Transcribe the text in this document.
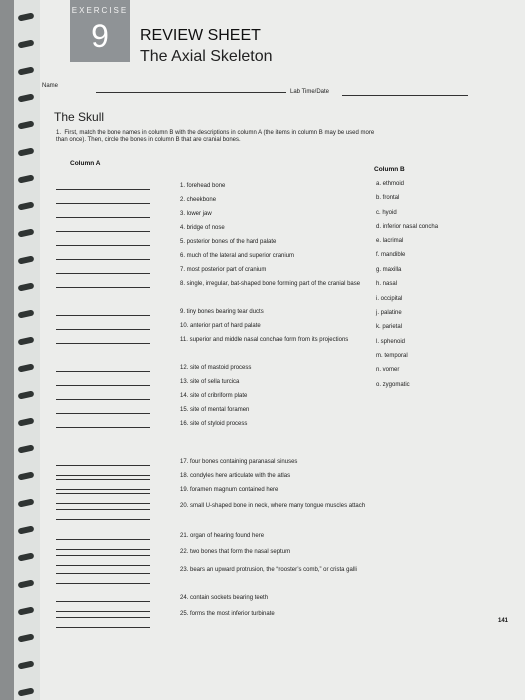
EXERCISE
9	REVIEW SHEET
The Axial Skeleton
Name
Lab Time/Date
The Skull
1. First, match the bone names in column B with the descriptions in column A (the items in column B may be used more
than once). Then, circle the bones in column B that are cranial bones.
Column A
Column B
1. forehead bone
2. cheekbone
3. lower jaw
4. bridge of nose
5. posterior bones of the hard palate
6. much of the lateral and superior cranium
7. most posterior part of cranium
8. single, irregular, bat-shaped bone forming part of the cranial base
9. tiny bones bearing tear ducts
10. anterior part of hard palate
11. superior and middle nasal conchae form from its projections
12. site of mastoid process
13. site of sella turcica
14. site of cribriform plate
15. site of mental foramen
16. site of styloid process
17. four bones containing paranasal sinuses
18. condyles here articulate with the atlas
19. foramen magnum contained here
20. small U-shaped bone in neck, where many tongue muscles attach
21. organ of hearing found here
22. two bones that form the nasal septum
23. bears an upward protrusion, the “rooster’s comb,” or crista galli
24. contain sockets bearing teeth
25. forms the most inferior turbinate
a. ethmoid
b. frontal
c. hyoid
d. inferior nasal concha
e. lacrimal
f. mandible
g. maxilla
h. nasal
i. occipital
j. palatine
k. parietal
l. sphenoid
m. temporal
n. vomer
o. zygomatic
141
